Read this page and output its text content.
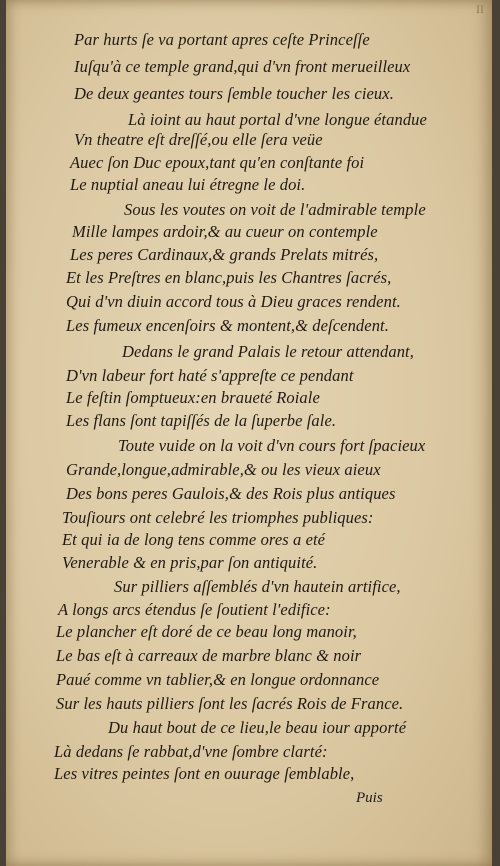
II
Par hurts ſe va portant apres ceſte Princeſſe
Iuſqu'à ce temple grand,qui d'vn front merueilleux
De deux geantes tours ſemble toucher les cieux.
Là ioint au haut portal d'vne longue étandue
Vn theatre eſt dreſſé,ou elle ſera veüe
Auec ſon Duc epoux,tant qu'en conſtante foi
Le nuptial aneau lui étregne le doi.
Sous les voutes on voit de l'admirable temple
Mille lampes ardoir,& au cueur on contemple
Les peres Cardinaux,& grands Prelats mitrés,
Et les Preſtres en blanc,puis les Chantres ſacrés,
Qui d'vn diuin accord tous à Dieu graces rendent.
Les fumeux encenſoirs & montent,& deſcendent.
Dedans le grand Palais le retour attendant,
D'vn labeur fort haté s'appreſte ce pendant
Le feſtin ſomptueux:en braueté Roiale
Les flans ſont tapiſſés de la ſuperbe ſale.
Toute vuide on la voit d'vn cours fort ſpacieux
Grande,longue,admirable,& ou les vieux aieux
Des bons peres Gaulois,& des Rois plus antiques
Touſiours ont celebré les triomphes publiques:
Et qui ia de long tens comme ores a eté
Venerable & en pris,par ſon antiquité.
Sur pilliers aſſemblés d'vn hautein artifice,
A longs arcs étendus ſe ſoutient l'edifice:
Le plancher eſt doré de ce beau long manoir,
Le bas eſt à carreaux de marbre blanc & noir
Paué comme vn tablier,& en longue ordonnance
Sur les hauts pilliers ſont les ſacrés Rois de France.
Du haut bout de ce lieu,le beau iour apporté
Là dedans ſe rabbat,d'vne ſombre clarté:
Les vitres peintes ſont en ouurage ſemblable,
Puis
